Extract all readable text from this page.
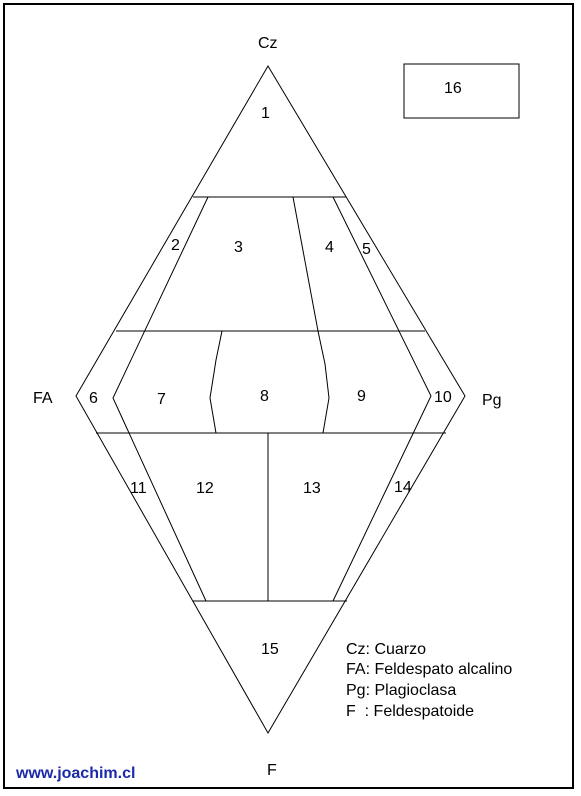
16
Cz
FA	Pg
F
1
2	3	4 5
6	7	8	9	10
11	12	13	14
15	Cz: Cuarzo
FA: Feldespato alcalino
Pg: Plagioclasa
F  : Feldespatoide
www.joachim.cl
